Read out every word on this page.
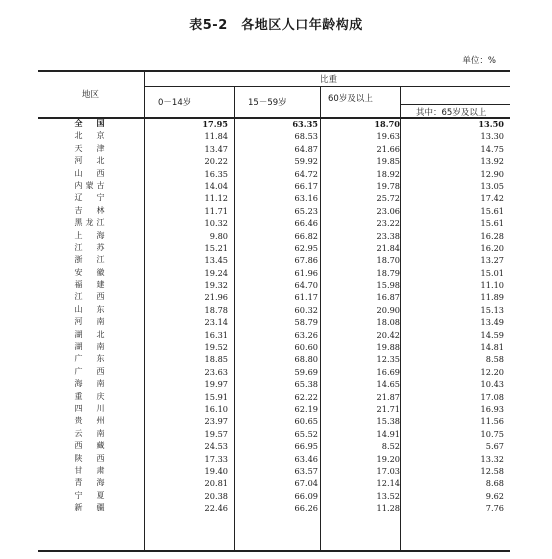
表5-2　各地区人口年龄构成
单位：%
地区
比重
0－14岁	15－59岁	60岁及以上
其中：65岁及以上
全　国	17.95	63.35	18.70	13.50
北　京	11.84	68.53	19.63	13.30
天　津	13.47	64.87	21.66	14.75
河　北	20.22	59.92	19.85	13.92
山　西	16.35	64.72	18.92	12.90
内蒙古	14.04	66.17	19.78	13.05
辽　宁	11.12	63.16	25.72	17.42
吉　林	11.71	65.23	23.06	15.61
黑龙江	10.32	66.46	23.22	15.61
上　海	9.80	66.82	23.38	16.28
江　苏	15.21	62.95	21.84	16.20
浙　江	13.45	67.86	18.70	13.27
安　徽	19.24	61.96	18.79	15.01
福　建	19.32	64.70	15.98	11.10
江　西	21.96	61.17	16.87	11.89
山　东	18.78	60.32	20.90	15.13
河　南	23.14	58.79	18.08	13.49
湖　北	16.31	63.26	20.42	14.59
湖　南	19.52	60.60	19.88	14.81
广　东	18.85	68.80	12.35	8.58
广　西	23.63	59.69	16.69	12.20
海　南	19.97	65.38	14.65	10.43
重　庆	15.91	62.22	21.87	17.08
四　川	16.10	62.19	21.71	16.93
贵　州	23.97	60.65	15.38	11.56
云　南	19.57	65.52	14.91	10.75
西　藏	24.53	66.95	8.52	5.67
陕　西	17.33	63.46	19.20	13.32
甘　肃	19.40	63.57	17.03	12.58
青　海	20.81	67.04	12.14	8.68
宁　夏	20.38	66.09	13.52	9.62
新　疆	22.46	66.26	11.28	7.76
